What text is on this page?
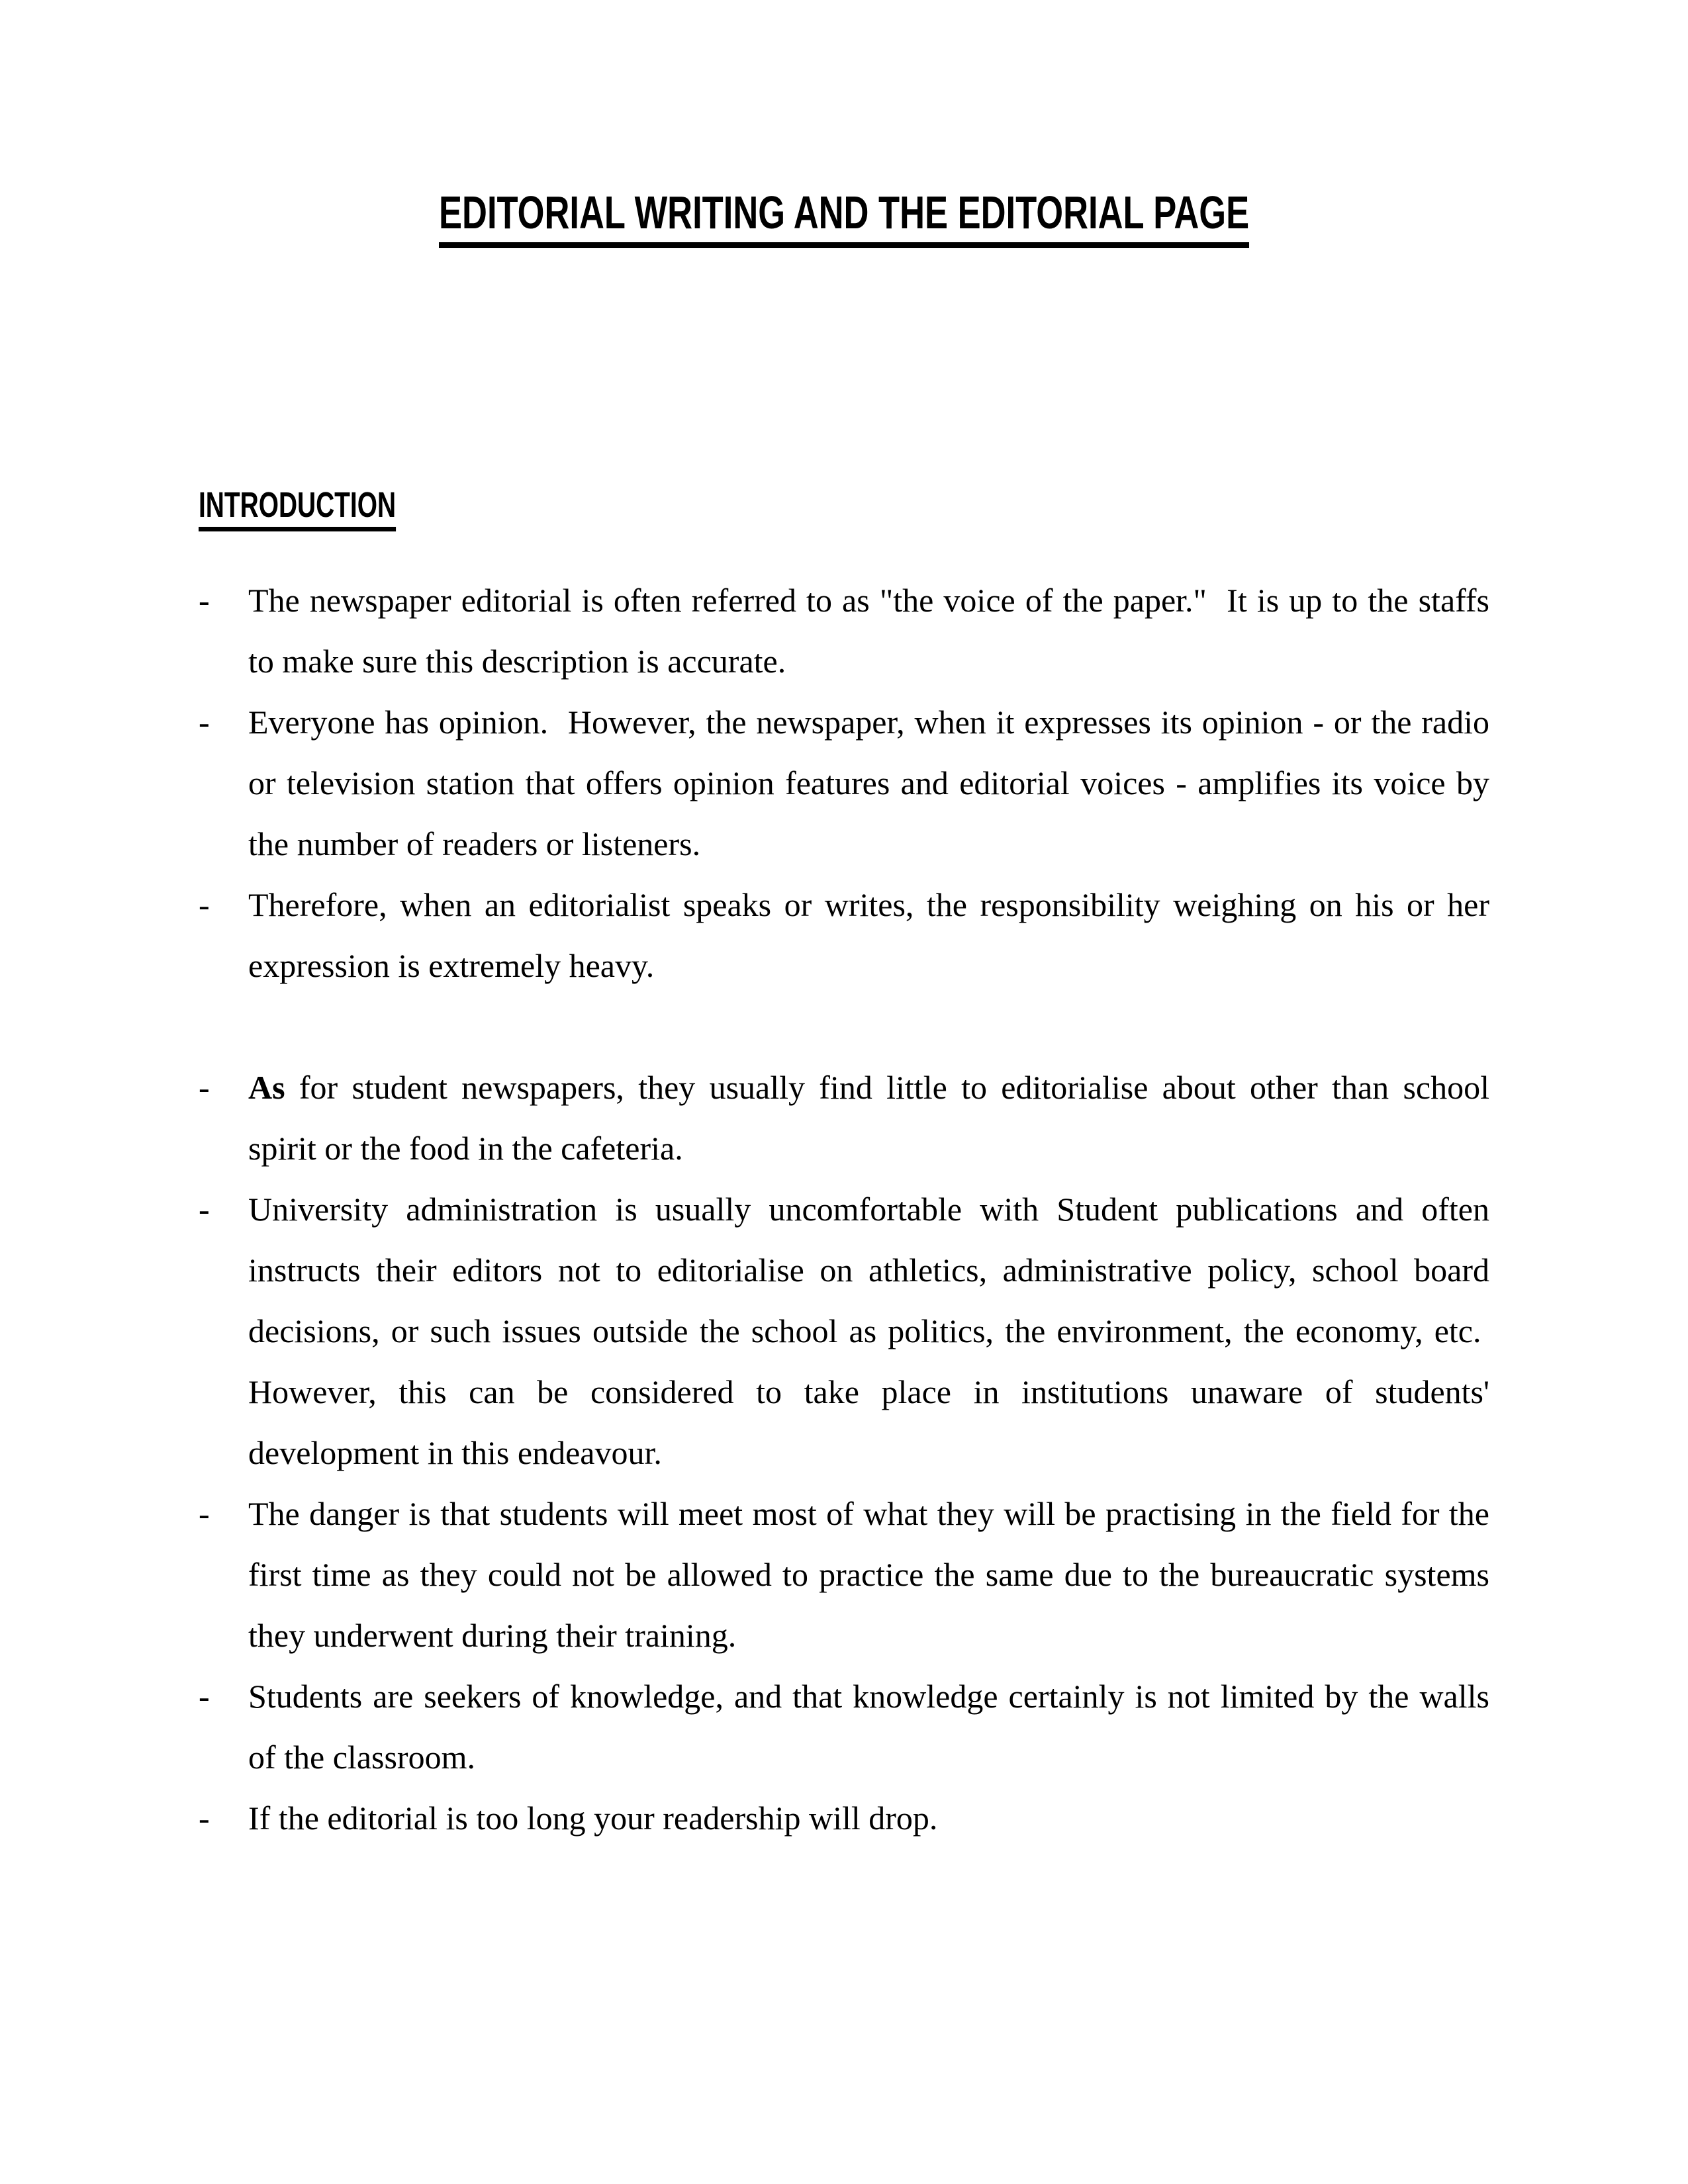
EDITORIAL WRITING AND THE EDITORIAL PAGE
INTRODUCTION
- The newspaper editorial is often referred to as "the voice of the paper."  It is up to the staffs to make sure this description is accurate.
- Everyone has opinion.  However, the newspaper, when it expresses its opinion - or the radio or television station that offers opinion features and editorial voices - amplifies its voice by the number of readers or listeners.
- Therefore, when an editorialist speaks or writes, the responsibility weighing on his or her expression is extremely heavy.
- As for student newspapers, they usually find little to editorialise about other than school spirit or the food in the cafeteria.
- University administration is usually uncomfortable with Student publications and often instructs their editors not to editorialise on athletics, administrative policy, school board decisions, or such issues outside the school as politics, the environment, the economy, etc.  However, this can be considered to take place in institutions unaware of students' development in this endeavour.
- The danger is that students will meet most of what they will be practising in the field for the first time as they could not be allowed to practice the same due to the bureaucratic systems they underwent during their training.
- Students are seekers of knowledge, and that knowledge certainly is not limited by the walls of the classroom.
- If the editorial is too long your readership will drop.
